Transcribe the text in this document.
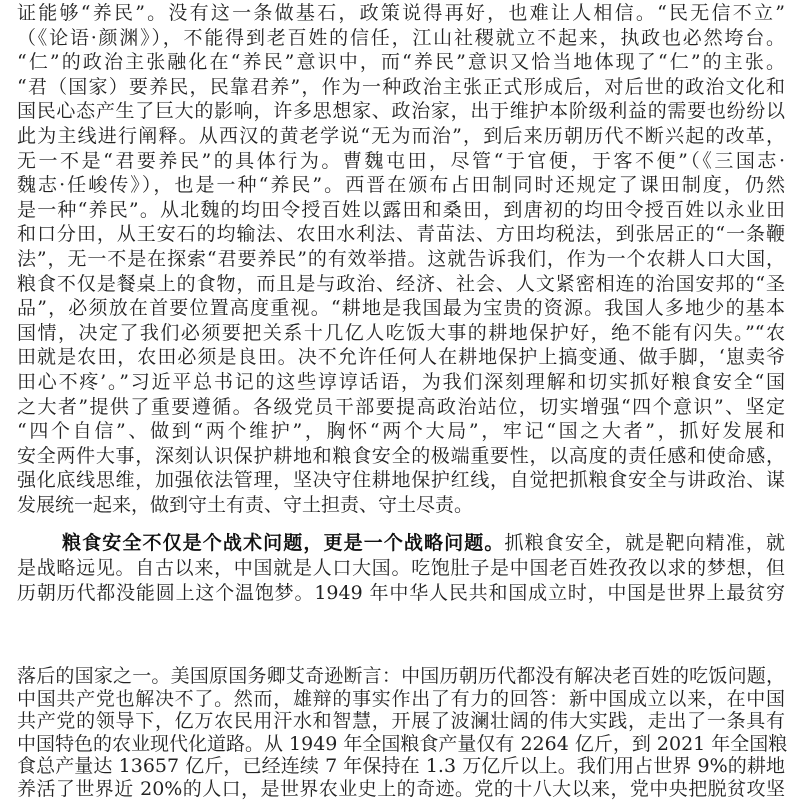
证能够“养民”。没有这一条做基石，政策说得再好，也难让人相信。“民无信不立”
（《论语·颜渊》），不能得到老百姓的信任，江山社稷就立不起来，执政也必然垮台。
“仁”的政治主张融化在“养民”意识中，而“养民”意识又恰当地体现了“仁”的主张。
“君（国家）要养民，民靠君养”，作为一种政治主张正式形成后，对后世的政治文化和
国民心态产生了巨大的影响，许多思想家、政治家，出于维护本阶级利益的需要也纷纷以
此为主线进行阐释。从西汉的黄老学说“无为而治”，到后来历朝历代不断兴起的改革，
无一不是“君要养民”的具体行为。曹魏屯田，尽管“于官便，于客不便”（《三国志·
魏志·任峻传》），也是一种“养民”。西晋在颁布占田制同时还规定了课田制度，仍然
是一种“养民”。从北魏的均田令授百姓以露田和桑田，到唐初的均田令授百姓以永业田
和口分田，从王安石的均输法、农田水利法、青苗法、方田均税法，到张居正的“一条鞭
法”，无一不是在探索“君要养民”的有效举措。这就告诉我们，作为一个农耕人口大国，
粮食不仅是餐桌上的食物，而且是与政治、经济、社会、人文紧密相连的治国安邦的“圣
品”，必须放在首要位置高度重视。“耕地是我国最为宝贵的资源。我国人多地少的基本
国情，决定了我们必须要把关系十几亿人吃饭大事的耕地保护好，绝不能有闪失。”“农
田就是农田，农田必须是良田。决不允许任何人在耕地保护上搞变通、做手脚，‘崽卖爷
田心不疼’。”习近平总书记的这些谆谆话语，为我们深刻理解和切实抓好粮食安全“国
之大者”提供了重要遵循。各级党员干部要提高政治站位，切实增强“四个意识”、坚定
“四个自信”、做到“两个维护”，胸怀“两个大局”，牢记“国之大者”，抓好发展和
安全两件大事，深刻认识保护耕地和粮食安全的极端重要性，以高度的责任感和使命感，
强化底线思维，加强依法管理，坚决守住耕地保护红线，自觉把抓粮食安全与讲政治、谋
发展统一起来，做到守土有责、守土担责、守土尽责。
粮食安全不仅是个战术问题，更是一个战略问题。抓粮食安全，就是靶向精准，就
是战略远见。自古以来，中国就是人口大国。吃饱肚子是中国老百姓孜孜以求的梦想，但
历朝历代都没能圆上这个温饱梦。1949 年中华人民共和国成立时，中国是世界上最贫穷
落后的国家之一。美国原国务卿艾奇逊断言：中国历朝历代都没有解决老百姓的吃饭问题，
中国共产党也解决不了。然而，雄辩的事实作出了有力的回答：新中国成立以来，在中国
共产党的领导下，亿万农民用汗水和智慧，开展了波澜壮阔的伟大实践，走出了一条具有
中国特色的农业现代化道路。从 1949 年全国粮食产量仅有 2264 亿斤，到 2021 年全国粮
食总产量达 13657 亿斤，已经连续 7 年保持在 1.3 万亿斤以上。我们用占世界 9%的耕地
养活了世界近 20%的人口，是世界农业史上的奇迹。党的十八大以来，党中央把脱贫攻坚
